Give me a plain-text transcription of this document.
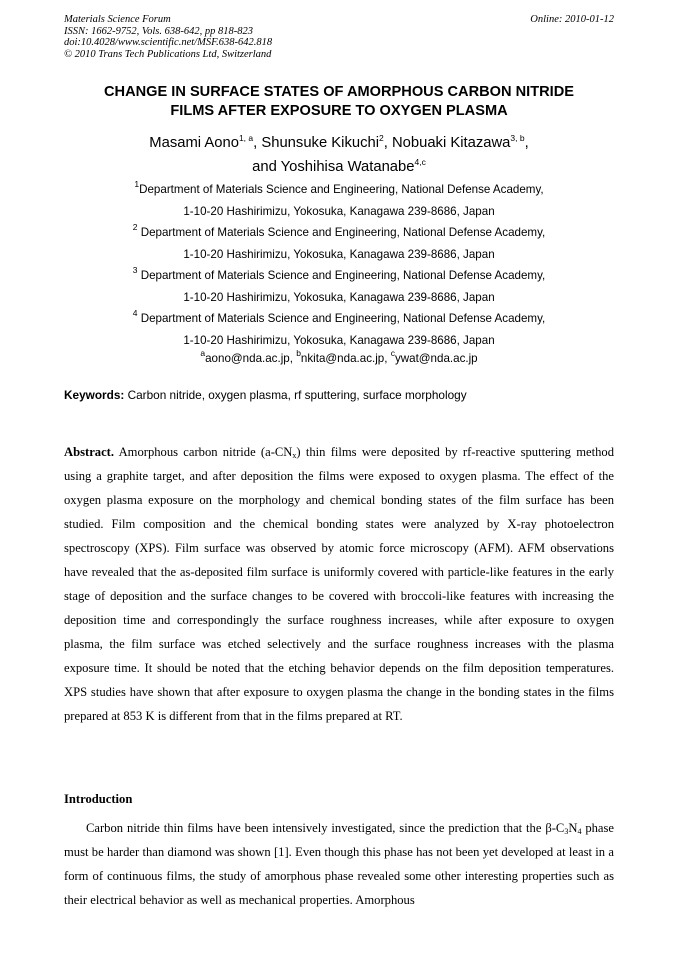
Materials Science Forum
ISSN: 1662-9752, Vols. 638-642, pp 818-823
doi:10.4028/www.scientific.net/MSF.638-642.818
© 2010 Trans Tech Publications Ltd, Switzerland
Online: 2010-01-12
CHANGE IN SURFACE STATES OF AMORPHOUS CARBON NITRIDE
FILMS AFTER EXPOSURE TO OXYGEN PLASMA
Masami Aono$^{1, a}$, Shunsuke Kikuchi$^2$, Nobuaki Kitazawa$^{3, b}$,
and Yoshihisa Watanabe$^{4,c}$
$^1$Department of Materials Science and Engineering, National Defense Academy,
1-10-20 Hashirimizu, Yokosuka, Kanagawa 239-8686, Japan
$^2$ Department of Materials Science and Engineering, National Defense Academy,
1-10-20 Hashirimizu, Yokosuka, Kanagawa 239-8686, Japan
$^3$ Department of Materials Science and Engineering, National Defense Academy,
1-10-20 Hashirimizu, Yokosuka, Kanagawa 239-8686, Japan
$^4$ Department of Materials Science and Engineering, National Defense Academy,
1-10-20 Hashirimizu, Yokosuka, Kanagawa 239-8686, Japan
$^a$aono@nda.ac.jp, $^b$nkita@nda.ac.jp, $^c$ywat@nda.ac.jp
Keywords: Carbon nitride, oxygen plasma, rf sputtering, surface morphology
Abstract. Amorphous carbon nitride $(a-CN_x)$ thin films were deposited by rf-reactive sputtering method using a graphite target, and after deposition the films were exposed to oxygen plasma. The effect of the oxygen plasma exposure on the morphology and chemical bonding states of the film surface has been studied. Film composition and the chemical bonding states were analyzed by X-ray photoelectron spectroscopy (XPS). Film surface was observed by atomic force microscopy (AFM). AFM observations have revealed that the as-deposited film surface is uniformly covered with particle-like features in the early stage of deposition and the surface changes to be covered with broccoli-like features with increasing the deposition time and correspondingly the surface roughness increases, while after exposure to oxygen plasma, the film surface was etched selectively and the surface roughness increases with the plasma exposure time. It should be noted that the etching behavior depends on the film deposition temperatures. XPS studies have shown that after exposure to oxygen plasma the change in the bonding states in the films prepared at 853 K is different from that in the films prepared at RT.
Introduction
Carbon nitride thin films have been intensively investigated, since the prediction that the $\beta-C_3N_4$ phase must be harder than diamond was shown [1]. Even though this phase has not been yet developed at least in a form of continuous films, the study of amorphous phase revealed some other interesting properties such as their electrical behavior as well as mechanical properties. Amorphous
